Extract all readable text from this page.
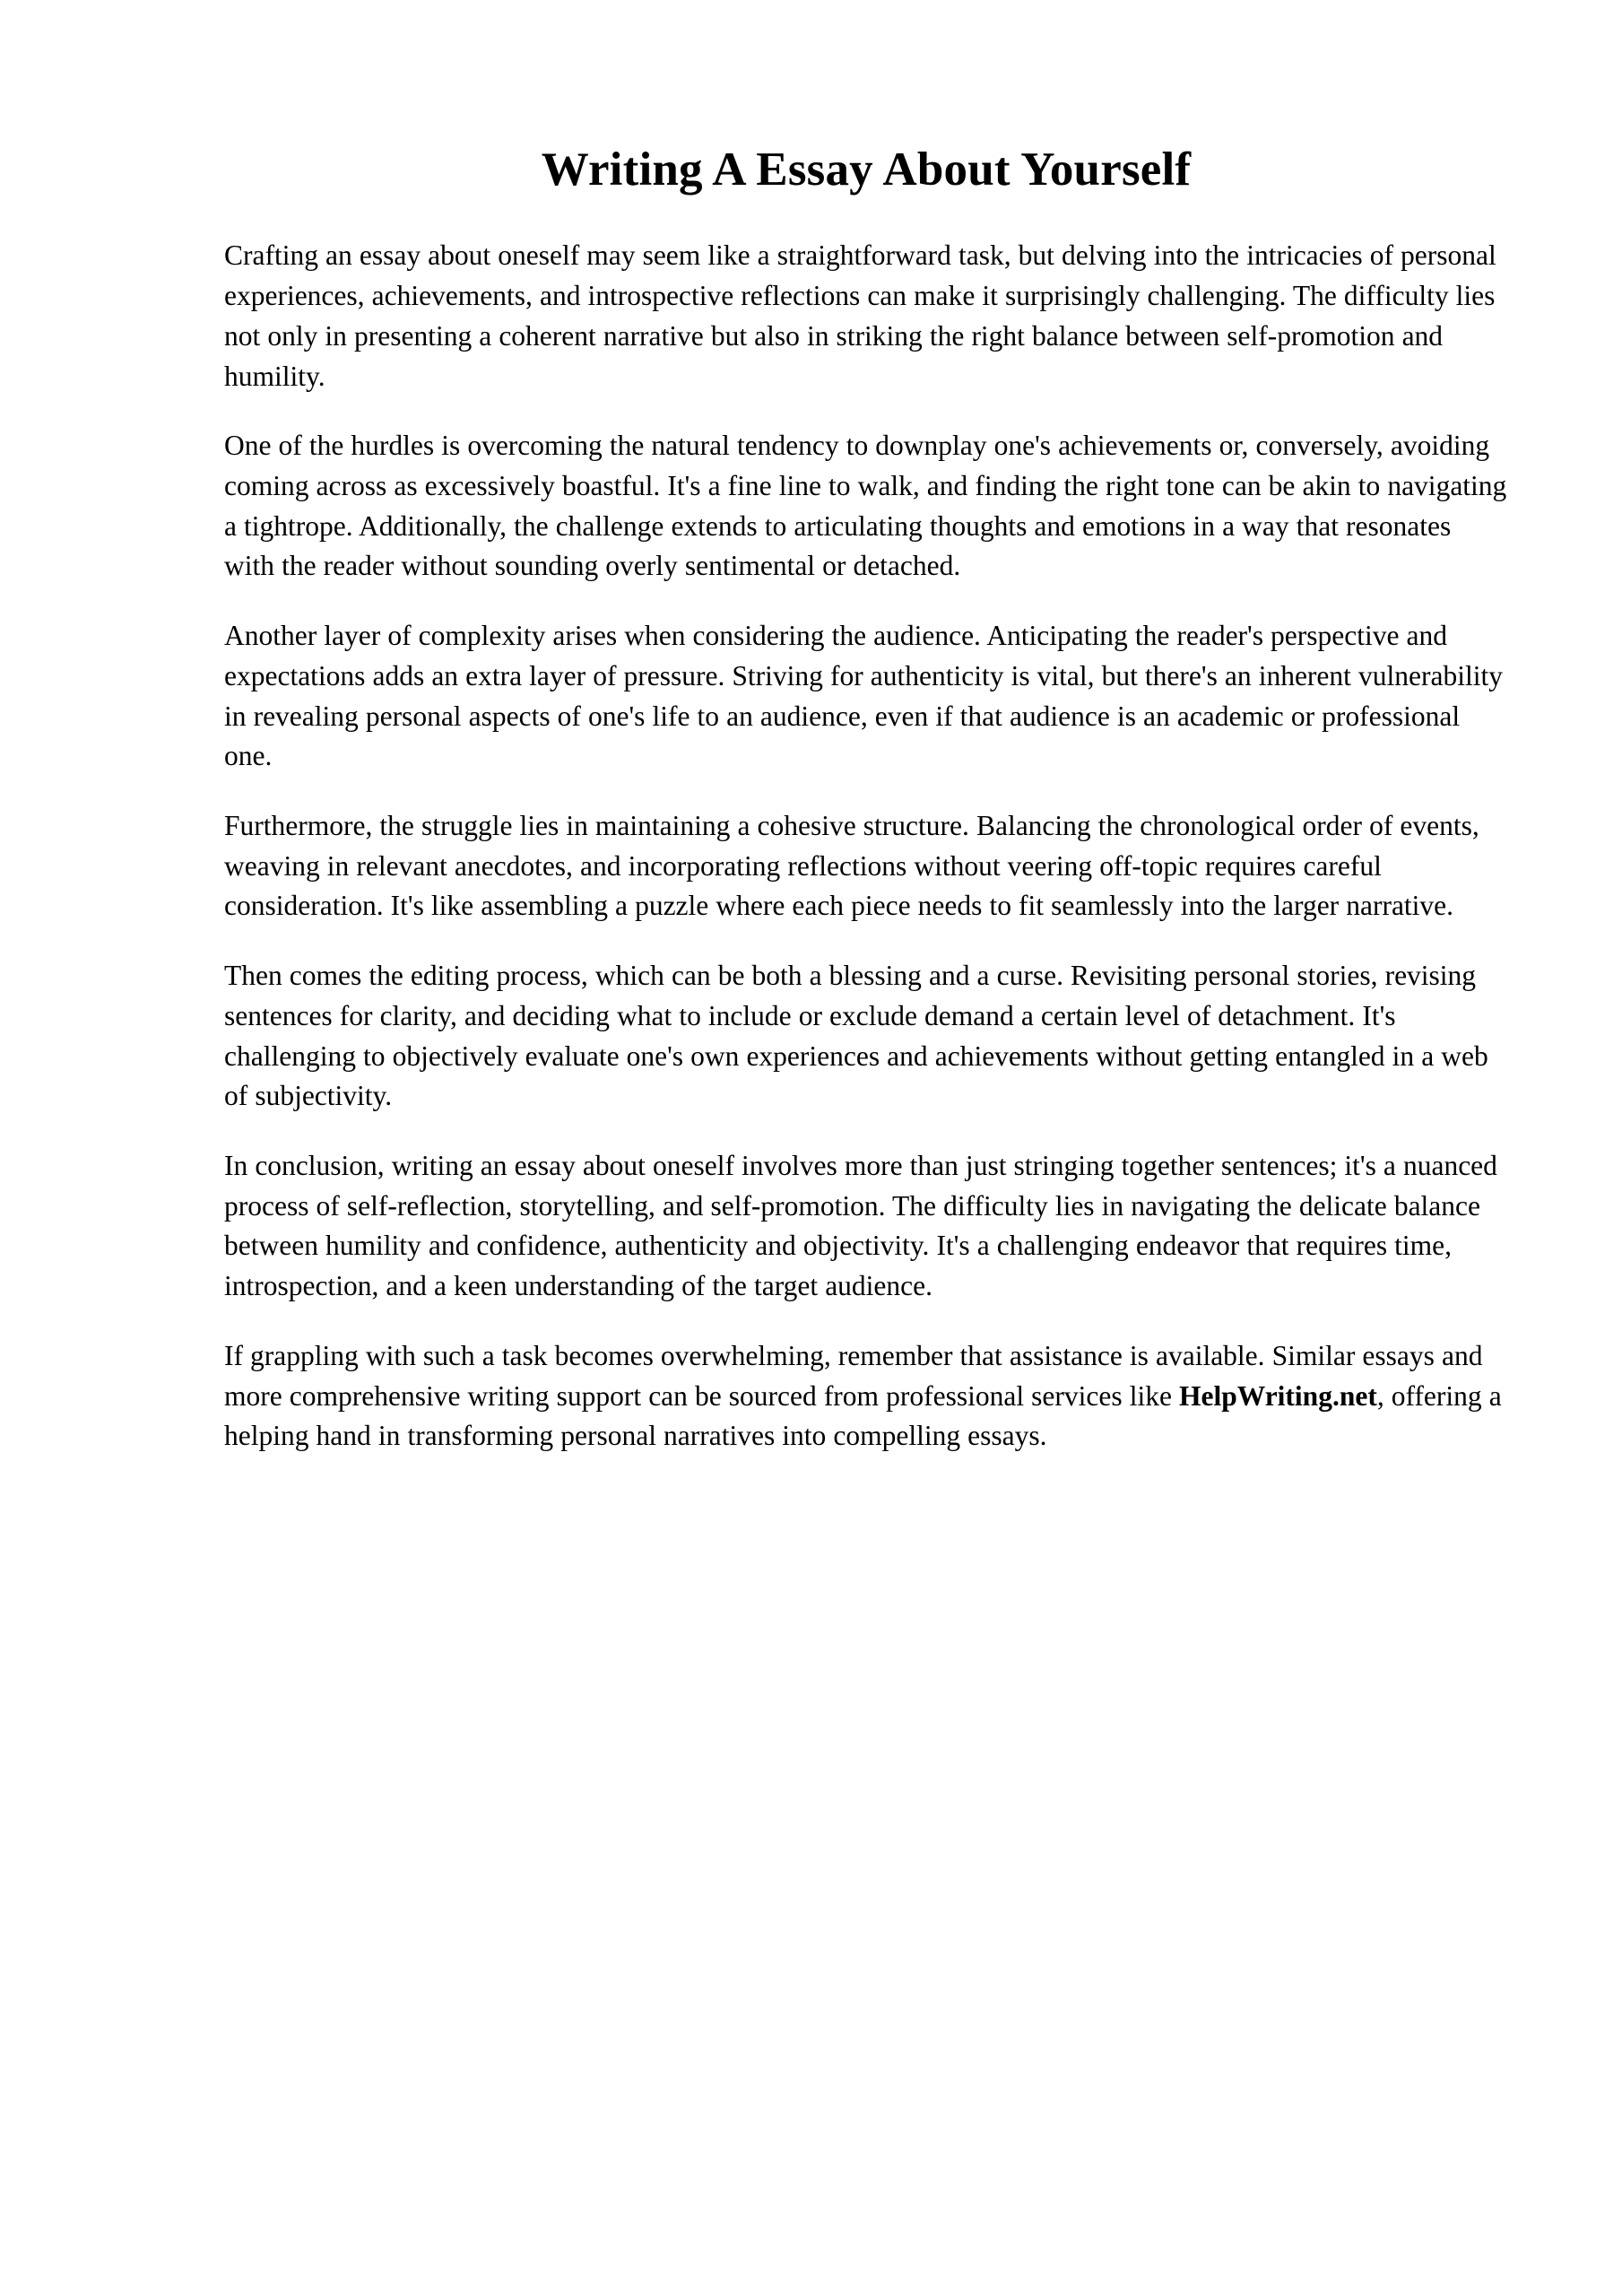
Writing A Essay About Yourself

Crafting an essay about oneself may seem like a straightforward task, but delving into the intricacies of personal experiences, achievements, and introspective reflections can make it surprisingly challenging. The difficulty lies not only in presenting a coherent narrative but also in striking the right balance between self-promotion and humility.

One of the hurdles is overcoming the natural tendency to downplay one's achievements or, conversely, avoiding coming across as excessively boastful. It's a fine line to walk, and finding the right tone can be akin to navigating a tightrope. Additionally, the challenge extends to articulating thoughts and emotions in a way that resonates with the reader without sounding overly sentimental or detached.

Another layer of complexity arises when considering the audience. Anticipating the reader's perspective and expectations adds an extra layer of pressure. Striving for authenticity is vital, but there's an inherent vulnerability in revealing personal aspects of one's life to an audience, even if that audience is an academic or professional one.

Furthermore, the struggle lies in maintaining a cohesive structure. Balancing the chronological order of events, weaving in relevant anecdotes, and incorporating reflections without veering off-topic requires careful consideration. It's like assembling a puzzle where each piece needs to fit seamlessly into the larger narrative.

Then comes the editing process, which can be both a blessing and a curse. Revisiting personal stories, revising sentences for clarity, and deciding what to include or exclude demand a certain level of detachment. It's challenging to objectively evaluate one's own experiences and achievements without getting entangled in a web of subjectivity.

In conclusion, writing an essay about oneself involves more than just stringing together sentences; it's a nuanced process of self-reflection, storytelling, and self-promotion. The difficulty lies in navigating the delicate balance between humility and confidence, authenticity and objectivity. It's a challenging endeavor that requires time, introspection, and a keen understanding of the target audience.

If grappling with such a task becomes overwhelming, remember that assistance is available. Similar essays and more comprehensive writing support can be sourced from professional services like HelpWriting.net, offering a helping hand in transforming personal narratives into compelling essays.
